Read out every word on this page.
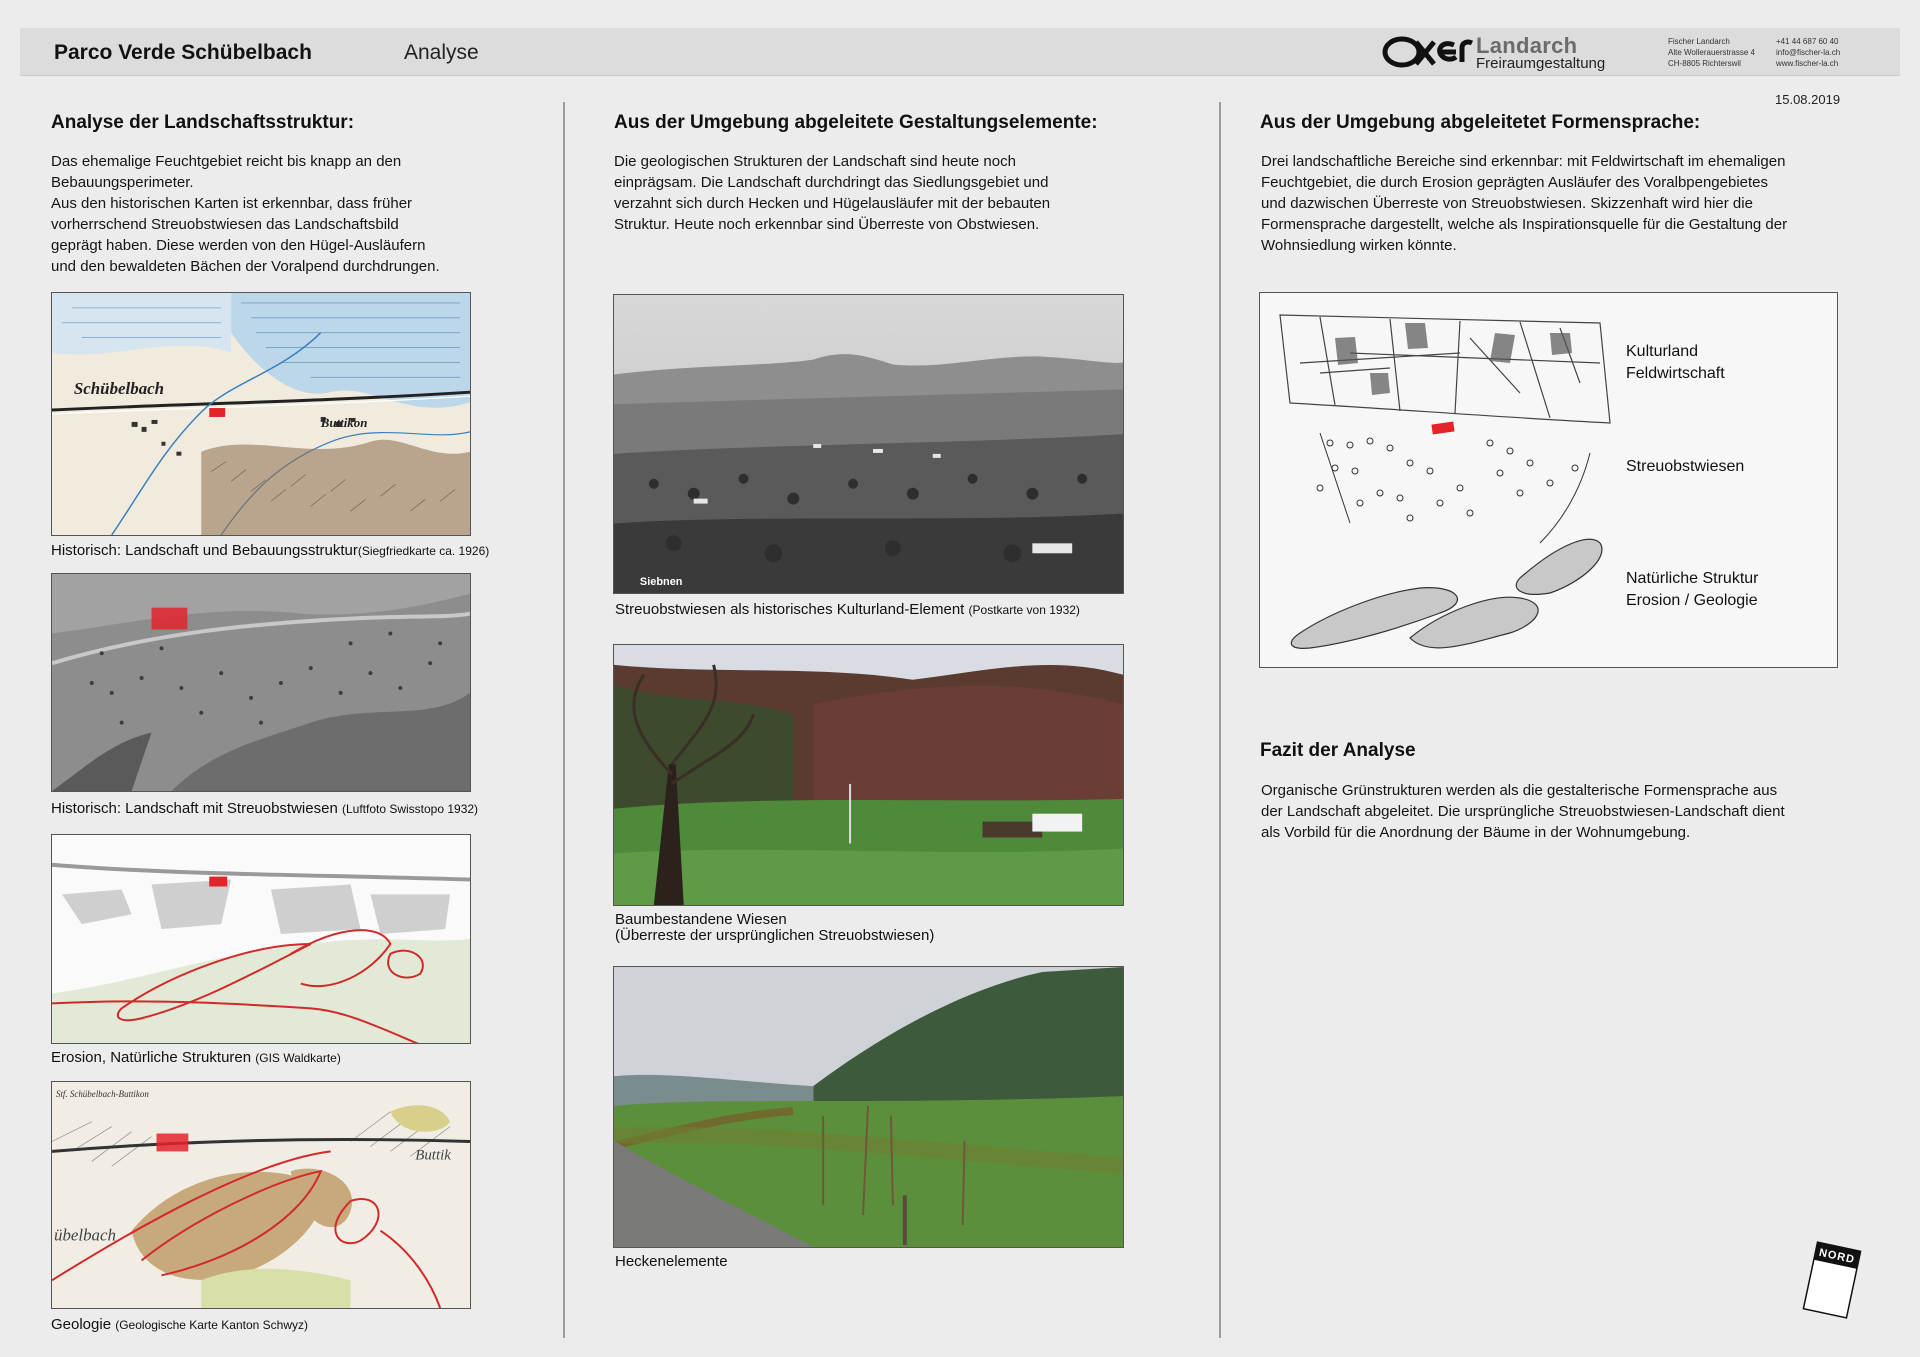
Parco Verde Schübelbach	Analyse	Landarch
Freiraumgestaltung
Fischer Landarch
Alte Wollerauerstrasse 4
CH-8805 Richterswil
+41 44 687 60 40
info@fischer-la.ch
www.fischer-la.ch
15.08.2019
Analyse der Landschaftsstruktur:
Das ehemalige Feuchtgebiet reicht bis knapp an den
Bebauungsperimeter.
Aus den historischen Karten ist erkennbar, dass früher
vorherrschend Streuobstwiesen das Landschaftsbild
geprägt haben. Diese werden von den Hügel-Ausläufern
und den bewaldeten Bächen der Voralpend durchdrungen.
Schübelbach
Buttikon
Historisch: Landschaft und Bebauungsstruktur(Siegfriedkarte ca. 1926)
Historisch: Landschaft mit Streuobstwiesen (Luftfoto Swisstopo 1932)
Erosion, Natürliche Strukturen (GIS Waldkarte)
Stf. Schübelbach-Buttikon
übelbach
Buttik
Geologie (Geologische Karte Kanton Schwyz)
Aus der Umgebung abgeleitete Gestaltungselemente:
Die geologischen Strukturen der Landschaft sind heute noch
einprägsam. Die Landschaft durchdringt das Siedlungsgebiet und
verzahnt sich durch Hecken und Hügelausläufer mit der bebauten
Struktur. Heute noch erkennbar sind Überreste von Obstwiesen.
Siebnen
Streuobstwiesen als historisches Kulturland-Element (Postkarte von 1932)
Baumbestandene Wiesen
(Überreste der ursprünglichen Streuobstwiesen)
Heckenelemente
Aus der Umgebung abgeleitetet Formensprache:
Drei landschaftliche Bereiche sind erkennbar: mit Feldwirtschaft im ehemaligen
Feuchtgebiet, die durch Erosion geprägten Ausläufer des Voralbpengebietes
und dazwischen Überreste von Streuobstwiesen. Skizzenhaft wird hier die
Formensprache dargestellt, welche als Inspirationsquelle für die Gestaltung der
Wohnsiedlung wirken könnte.
Kulturland
Feldwirtschaft
Streuobstwiesen
Natürliche Struktur
Erosion / Geologie
Fazit der Analyse
Organische Grünstrukturen werden als die gestalterische Formensprache aus
der Landschaft abgeleitet. Die ursprüngliche Streuobstwiesen-Landschaft dient
als Vorbild für die Anordnung der Bäume in der Wohnumgebung.
NORD
